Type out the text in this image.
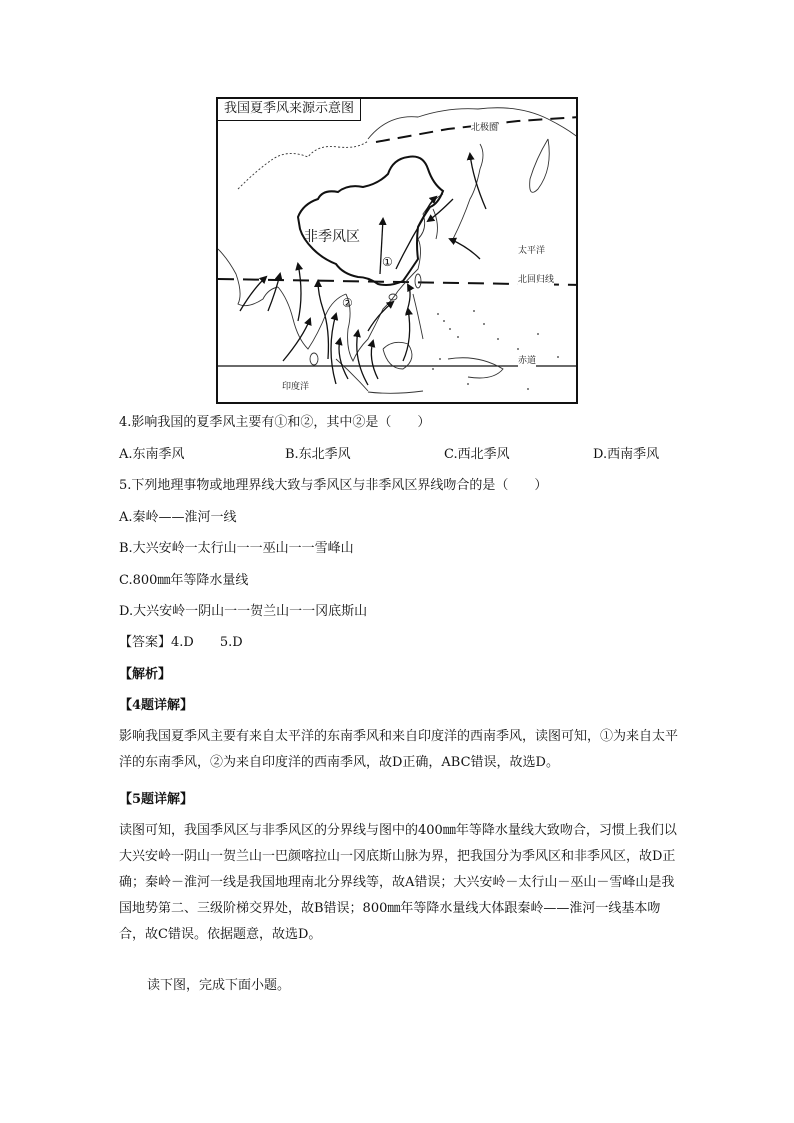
我国夏季风来源示意图
北极圈
非季风区
①
②
太平洋
北回归线
赤道
印度洋
4.影响我国的夏季风主要有①和②，其中②是（　　）
A.东南季风	B.东北季风	C.西北季风	D.西南季风
5.下列地理事物或地理界线大致与季风区与非季风区界线吻合的是（　　）
A.秦岭——淮河一线
B.大兴安岭一太行山一一巫山一一雪峰山
C.800㎜年等降水量线
D.大兴安岭一阴山一一贺兰山一一冈底斯山
【答案】4.D　　5.D
【解析】
【4题详解】
影响我国夏季风主要有来自太平洋的东南季风和来自印度洋的西南季风，读图可知，①为来自太平洋的东南季风，②为来自印度洋的西南季风，故D正确，ABC错误，故选D。
【5题详解】
读图可知，我国季风区与非季风区的分界线与图中的400㎜年等降水量线大致吻合，习惯上我们以大兴安岭一阴山一贺兰山一巴颜喀拉山一冈底斯山脉为界，把我国分为季风区和非季风区，故D正确；秦岭－淮河一线是我国地理南北分界线等，故A错误；大兴安岭－太行山－巫山－雪峰山是我国地势第二、三级阶梯交界处，故B错误；800㎜年等降水量线大体跟秦岭——淮河一线基本吻合，故C错误。依据题意，故选D。
读下图，完成下面小题。
